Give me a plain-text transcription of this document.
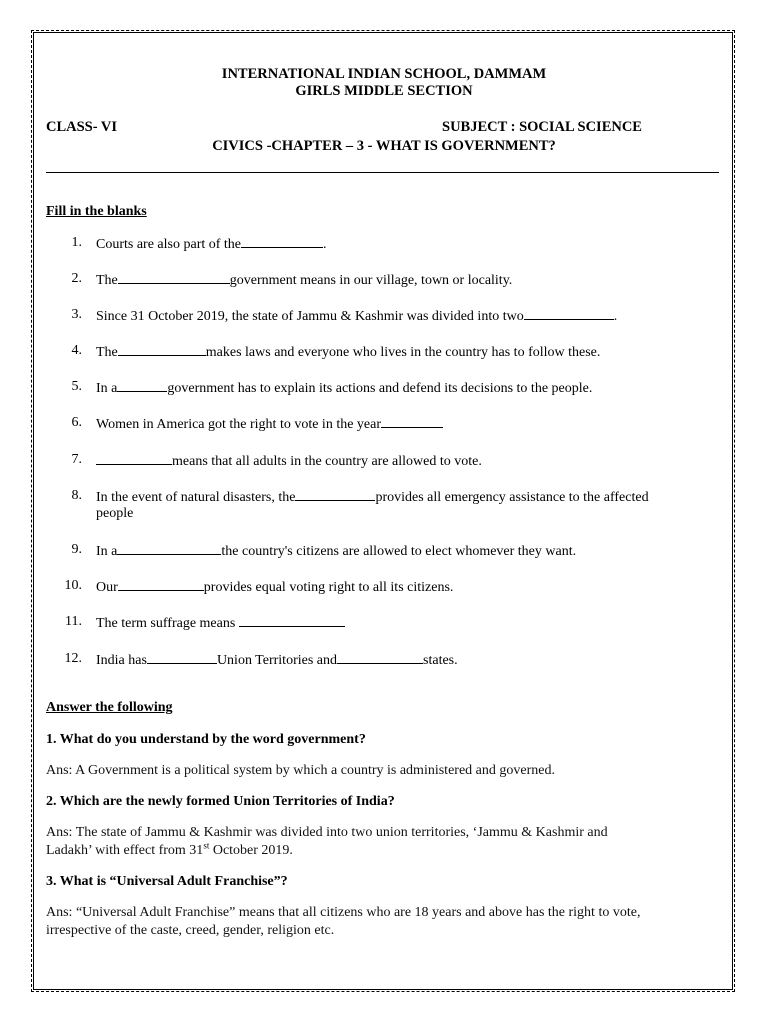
INTERNATIONAL INDIAN SCHOOL, DAMMAM
GIRLS MIDDLE SECTION
CLASS- VI	SUBJECT : SOCIAL SCIENCE
CIVICS -CHAPTER – 3 - WHAT IS GOVERNMENT?
Fill in the blanks
1. Courts are also part of the	.
2. The	government means in our village, town or locality.
3. Since 31 October 2019, the state of Jammu & Kashmir was divided into two	.
4. The	makes laws and everyone who lives in the country has to follow these.
5. In a	government has to explain its actions and defend its decisions to the people.
6. Women in America got the right to vote in the year
7.	means that all adults in the country are allowed to vote.
8. In the event of natural disasters, the	provides all emergency assistance to the affected
people
9. In a	the country's citizens are allowed to elect whomever they want.
10. Our	provides equal voting right to all its citizens.
11. The term suffrage means
12. India has	Union Territories and	states.
Answer the following
1. What do you understand by the word government?
Ans: A Government is a political system by which a country is administered and governed.
2. Which are the newly formed Union Territories of India?
Ans: The state of Jammu & Kashmir was divided into two union territories, ‘Jammu & Kashmir and
Ladakh’ with effect from 31st October 2019.
3. What is “Universal Adult Franchise”?
Ans: “Universal Adult Franchise” means that all citizens who are 18 years and above has the right to vote,
irrespective of the caste, creed, gender, religion etc.
